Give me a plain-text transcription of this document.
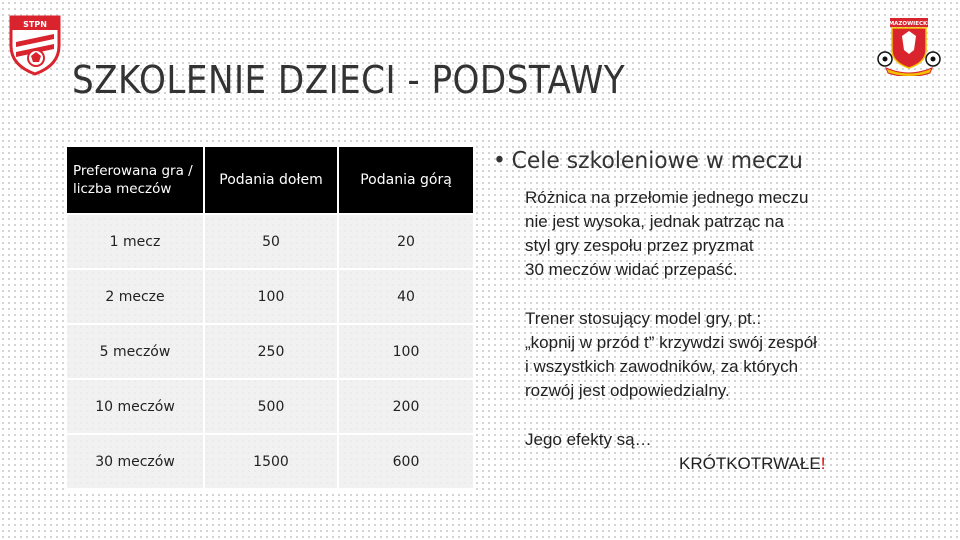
STPN	MAZOWIECKI
SZKOLENIE DZIECI - PODSTAWY
Preferowana gra / liczba meczów	Podania dołem	Podania górą
1 mecz	50	20
2 mecze	100	40
5 meczów	250	100
10 meczów	500	200
30 meczów	1500	600
• Cele szkoleniowe w meczu

Różnica na przełomie jednego meczu

nie jest wysoka, jednak patrząc na

styl gry zespołu przez pryzmat

30 meczów widać przepaść.

Trener stosujący model gry, pt.:

„kopnij w przód t” krzywdzi swój zespół

i wszystkich zawodników, za których

rozwój jest odpowiedzialny.

Jego efekty są…

KRÓTKOTRWAŁE!
